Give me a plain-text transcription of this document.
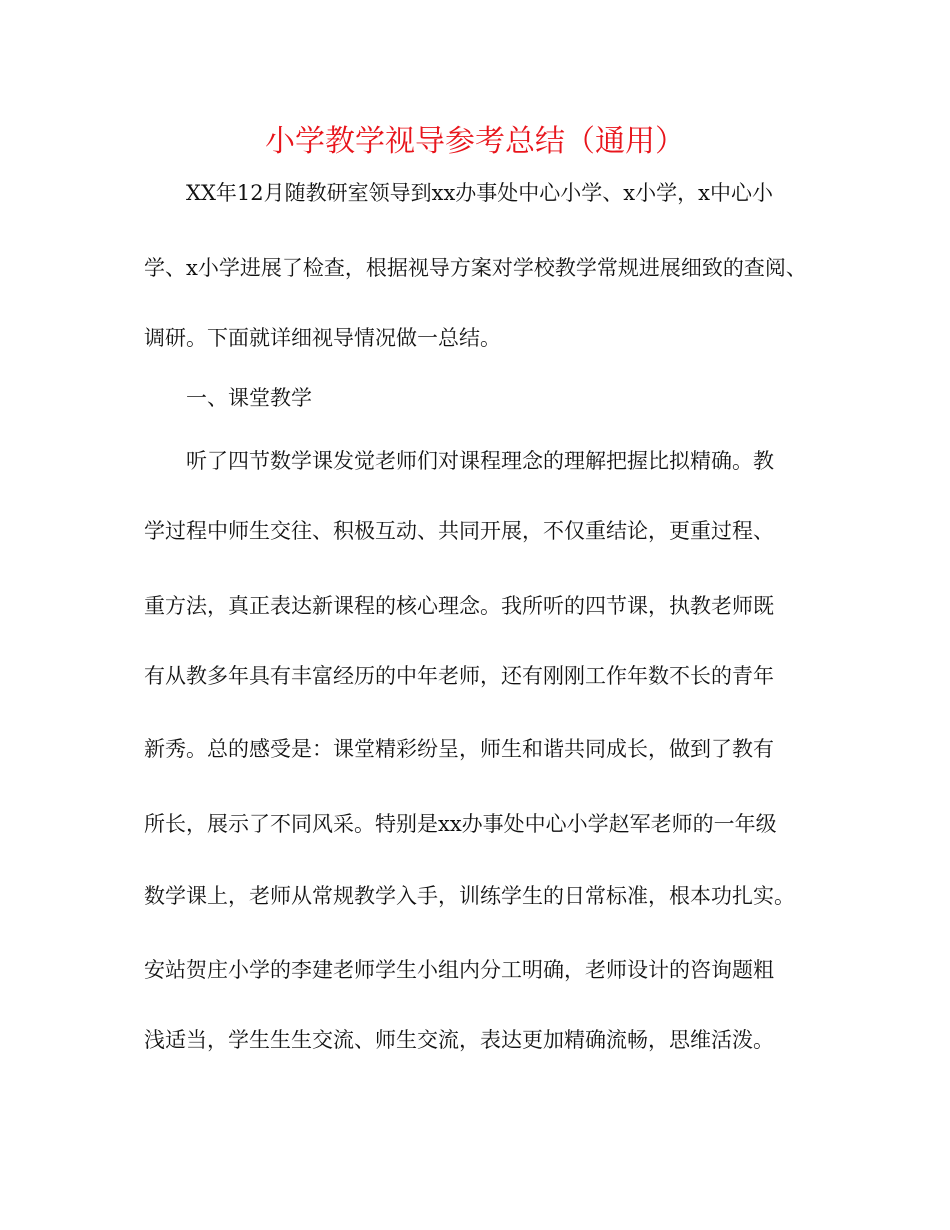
小学教学视导参考总结（通用）
XX年12月随教研室领导到xx办事处中心小学、x小学，x中心小
学、x小学进展了检查，根据视导方案对学校教学常规进展细致的查阅、
调研。下面就详细视导情况做一总结。
一、课堂教学
听了四节数学课发觉老师们对课程理念的理解把握比拟精确。教
学过程中师生交往、积极互动、共同开展，不仅重结论，更重过程、
重方法，真正表达新课程的核心理念。我所听的四节课，执教老师既
有从教多年具有丰富经历的中年老师，还有刚刚工作年数不长的青年
新秀。总的感受是：课堂精彩纷呈，师生和谐共同成长，做到了教有
所长，展示了不同风采。特别是xx办事处中心小学赵军老师的一年级
数学课上，老师从常规教学入手，训练学生的日常标准，根本功扎实。
安站贺庄小学的李建老师学生小组内分工明确，老师设计的咨询题粗
浅适当，学生生生交流、师生交流，表达更加精确流畅，思维活泼。
